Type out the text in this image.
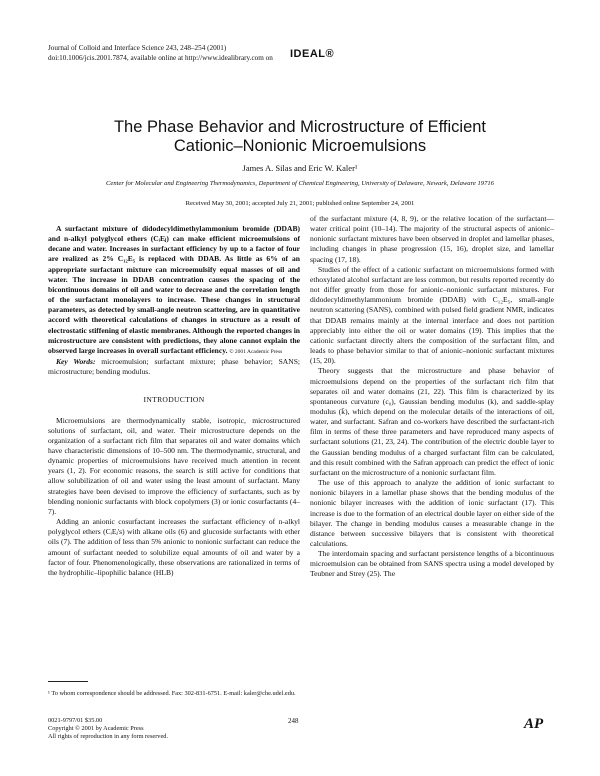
Journal of Colloid and Interface Science 243, 248–254 (2001)
doi:10.1006/jcis.2001.7874, available online at http://www.idealibrary.com on IDEAL®
The Phase Behavior and Microstructure of Efficient
Cationic–Nonionic Microemulsions
James A. Silas and Eric W. Kaler¹
Center for Molecular and Engineering Thermodynamics, Department of Chemical Engineering, University of Delaware, Newark, Delaware 19716
Received May 30, 2001; accepted July 21, 2001; published online September 24, 2001

A surfactant mixture of didodecyldimethylammonium bromide (DDAB) and n-alkyl polyglycol ethers (CᵢEⱼ) can make efficient microemulsions of decane and water. Increases in surfactant efficiency by up to a factor of four are realized as 2% C₁₂E₅ is replaced with DDAB. As little as 6% of an appropriate surfactant mixture can microemulsify equal masses of oil and water. The increase in DDAB concentration causes the spacing of the bicontinuous domains of oil and water to decrease and the correlation length of the surfactant monolayers to increase. These changes in structural parameters, as detected by small-angle neutron scattering, are in quantitative accord with theoretical calculations of changes in structure as a result of electrostatic stiffening of elastic membranes. Although the reported changes in microstructure are consistent with predictions, they alone cannot explain the observed large increases in overall surfactant efficiency. © 2001 Academic Press

Key Words: microemulsion; surfactant mixture; phase behavior; SANS; microstructure; bending modulus.

INTRODUCTION

Microemulsions are thermodynamically stable, isotropic, microstructured solutions of surfactant, oil, and water. Their microstructure depends on the organization of a surfactant rich film that separates oil and water domains which have characteristic dimensions of 10–500 nm. The thermodynamic, structural, and dynamic properties of microemulsions have received much attention in recent years (1, 2). For economic reasons, the search is still active for conditions that allow solubilization of oil and water using the least amount of surfactant. Many strategies have been devised to improve the efficiency of surfactants, such as by blending nonionic surfactants with block copolymers (3) or ionic cosurfactants (4–7).

Adding an anionic cosurfactant increases the surfactant efficiency of n-alkyl polyglycol ethers (CᵢEⱼ's) with alkane oils (6) and glucoside surfactants with ether oils (7). The addition of less than 5% anionic to nonionic surfactant can reduce the amount of surfactant needed to solubilize equal amounts of oil and water by a factor of four. Phenomenologically, these observations are rationalized in terms of the hydrophilic–lipophilic balance (HLB)

of the surfactant mixture (4, 8, 9), or the relative location of the surfactant—water critical point (10–14). The majority of the structural aspects of anionic–nonionic surfactant mixtures have been observed in droplet and lamellar phases, including changes in phase progression (15, 16), droplet size, and lamellar spacing (17, 18).

Studies of the effect of a cationic surfactant on microemulsions formed with ethoxylated alcohol surfactant are less common, but results reported recently do not differ greatly from those for anionic–nonionic surfactant mixtures. For didodecyldimethylammonium bromide (DDAB) with C₁₂E₅, small-angle neutron scattering (SANS), combined with pulsed field gradient NMR, indicates that DDAB remains mainly at the internal interface and does not partition appreciably into either the oil or water domains (19). This implies that the cationic surfactant directly alters the composition of the surfactant film, and leads to phase behavior similar to that of anionic–nonionic surfactant mixtures (15, 20).

Theory suggests that the microstructure and phase behavior of microemulsions depend on the properties of the surfactant rich film that separates oil and water domains (21, 22). This film is characterized by its spontaneous curvature (c₀), Gaussian bending modulus (k), and saddle-splay modulus (k̄), which depend on the molecular details of the interactions of oil, water, and surfactant. Safran and co-workers have described the surfactant-rich film in terms of these three parameters and have reproduced many aspects of surfactant solutions (21, 23, 24). The contribution of the electric double layer to the Gaussian bending modulus of a charged surfactant film can be calculated, and this result combined with the Safran approach can predict the effect of ionic surfactant on the microstructure of a nonionic surfactant film.

The use of this approach to analyze the addition of ionic surfactant to nonionic bilayers in a lamellar phase shows that the bending modulus of the nonionic bilayer increases with the addition of ionic surfactant (17). This increase is due to the formation of an electrical double layer on either side of the bilayer. The change in bending modulus causes a measurable change in the distance between successive bilayers that is consistent with theoretical calculations.

The interdomain spacing and surfactant persistence lengths of a bicontinuous microemulsion can be obtained from SANS spectra using a model developed by Teubner and Strey (25). The

¹ To whom correspondence should be addressed. Fax: 302-831-6751. E-mail: kaler@che.udel.edu.
0021-9797/01 $35.00
Copyright © 2001 by Academic Press
All rights of reproduction in any form reserved.
248	AP
